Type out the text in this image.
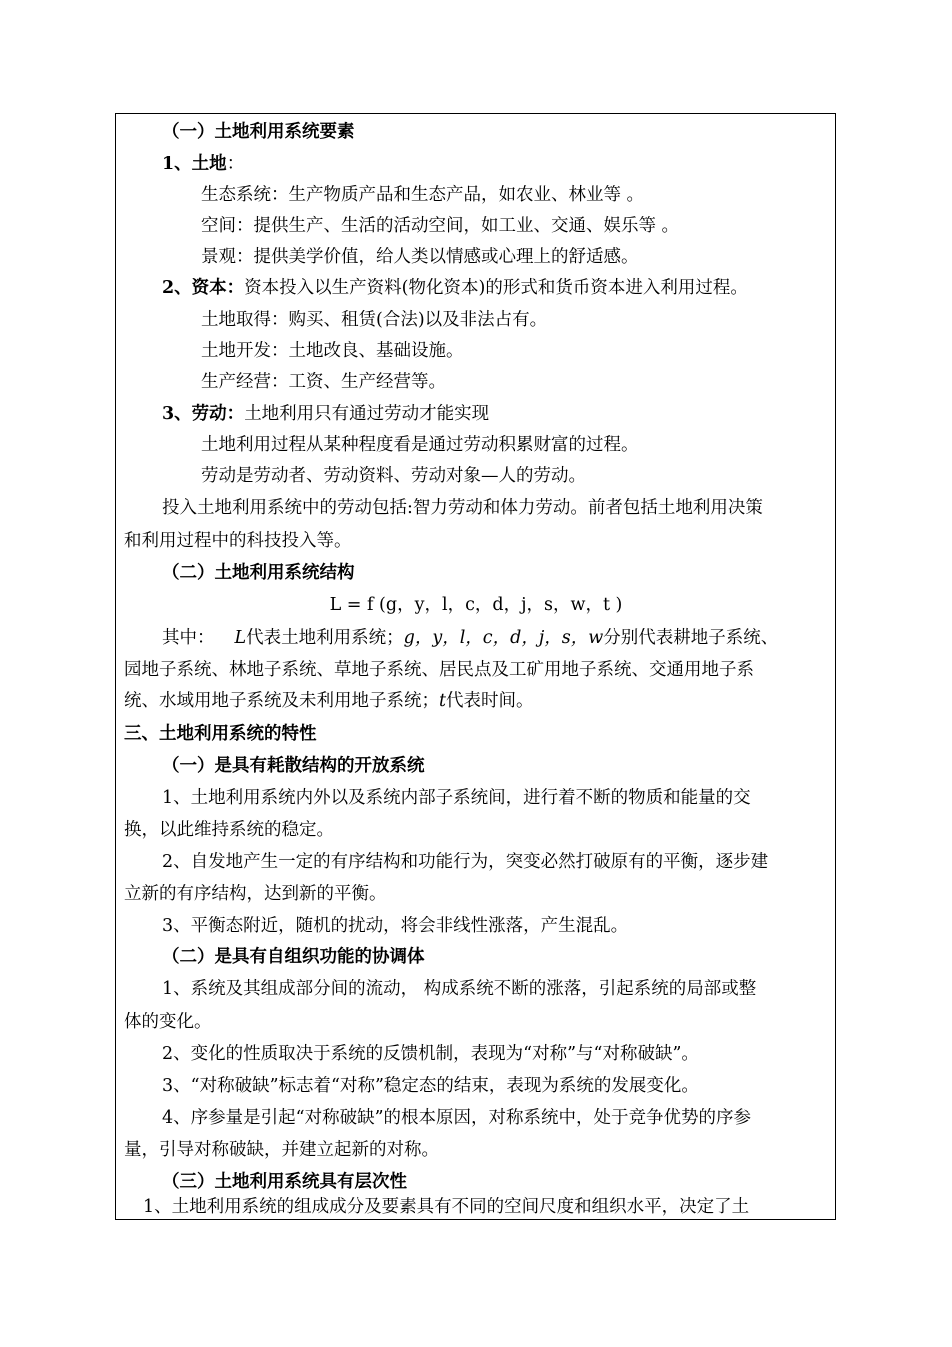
（一）土地利用系统要素
1、土地：
生态系统：生产物质产品和生态产品，如农业、林业等 。
空间：提供生产、生活的活动空间，如工业、交通、娱乐等 。
景观：提供美学价值，给人类以情感或心理上的舒适感。
2、资本：资本投入以生产资料(物化资本)的形式和货币资本进入利用过程。
土地取得：购买、租赁(合法)以及非法占有。
土地开发：土地改良、基础设施。
生产经营：工资、生产经营等。
3、劳动：土地利用只有通过劳动才能实现
土地利用过程从某种程度看是通过劳动积累财富的过程。
劳动是劳动者、劳动资料、劳动对象—人的劳动。
投入土地利用系统中的劳动包括:智力劳动和体力劳动。前者包括土地利用决策
和利用过程中的科技投入等。
（二）土地利用系统结构
L = f (g，y，l，c，d，j，s，w，t )
其中： L代表土地利用系统；g，y，l，c，d，j，s，w分别代表耕地子系统、
园地子系统、林地子系统、草地子系统、居民点及工矿用地子系统、交通用地子系
统、水域用地子系统及未利用地子系统；t代表时间。
三、土地利用系统的特性
（一）是具有耗散结构的开放系统
1、土地利用系统内外以及系统内部子系统间，进行着不断的物质和能量的交
换，以此维持系统的稳定。
2、自发地产生一定的有序结构和功能行为，突变必然打破原有的平衡，逐步建
立新的有序结构，达到新的平衡。
3、平衡态附近，随机的扰动，将会非线性涨落，产生混乱。
（二）是具有自组织功能的协调体
1、系统及其组成部分间的流动， 构成系统不断的涨落，引起系统的局部或整
体的变化。
2、变化的性质取决于系统的反馈机制，表现为“对称”与“对称破缺”。
3、“对称破缺”标志着“对称”稳定态的结束，表现为系统的发展变化。
4、序参量是引起“对称破缺”的根本原因，对称系统中，处于竞争优势的序参
量，引导对称破缺，并建立起新的对称。
（三）土地利用系统具有层次性
1、土地利用系统的组成成分及要素具有不同的空间尺度和组织水平，决定了土
